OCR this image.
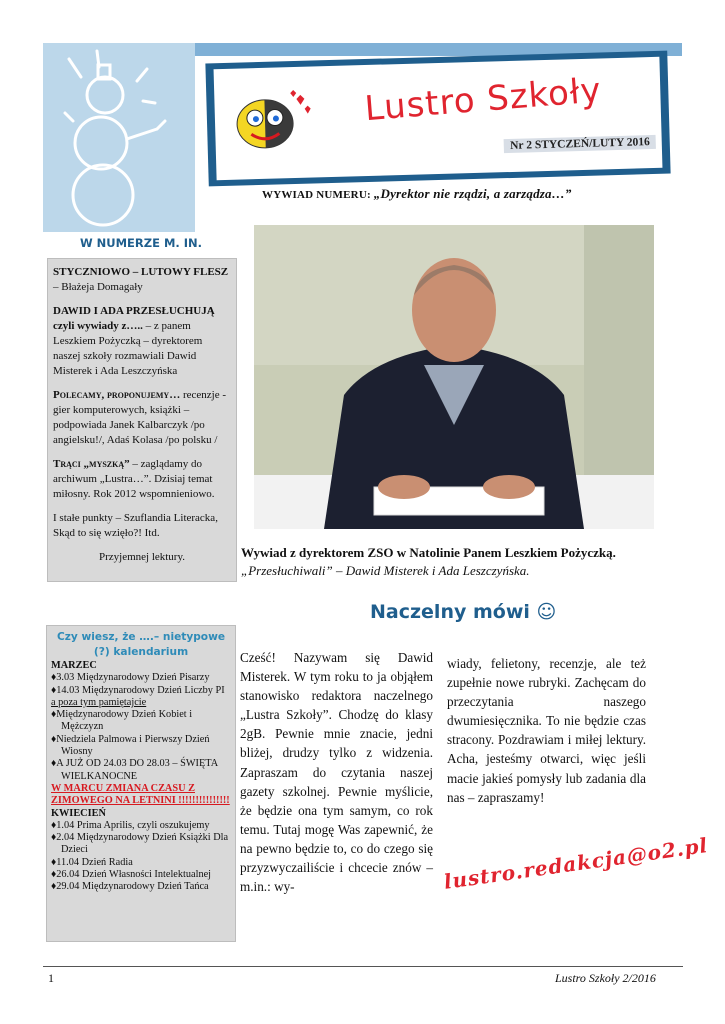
Lustro Szkoły
Nr 2 STYCZEŃ/LUTY 2016
WYWIAD NUMERU: „Dyrektor nie rządzi, a zarządza…”
W NUMERZE M. IN.

STYCZNIOWO – LUTOWY FLESZ – Błażeja Domagały

DAWID I ADA PRZESŁUCHUJĄ czyli wywiady z….. – z panem Leszkiem Pożyczką – dyrektorem naszej szkoły rozmawiali Dawid Misterek i Ada Leszczyńska

Polecamy, proponujemy… recenzje - gier komputerowych, książki – podpowiada Janek Kalbarczyk /po angielsku!/, Adaś Kolasa /po polsku /

Trąci „myszką” – zaglądamy do archiwum „Lustra…”. Dzisiaj temat miłosny. Rok 2012 wspomnieniowo.

I stałe punkty – Szuflandia Literacka, Skąd to się wzięło?! Itd.

Przyjemnej lektury.	Wywiad z dyrektorem ZSO w Natolinie Panem Leszkiem Pożyczką.
„Przesłuchiwali” – Dawid Misterek i Ada Leszczyńska.
Naczelny mówi ☺
Cześć! Nazywam się Dawid Misterek. W tym roku to ja objąłem stanowisko redaktora naczelnego „Lustra Szkoły”. Chodzę do klasy 2gB. Pewnie mnie znacie, jedni bliżej, drudzy tylko z widzenia. Zapraszam do czytania naszej gazety szkolnej. Pewnie myślicie, że będzie ona tym samym, co rok temu. Tutaj mogę Was zapewnić, że na pewno będzie to, co do czego się przyzwyczailiście i chcecie znów – m.in.: wy-
wiady, felietony, recenzje, ale też zupełnie nowe rubryki. Zachęcam do przeczytania naszego dwumiesięcznika. To nie będzie czas stracony. Pozdrawiam i miłej lektury. Acha, jesteśmy otwarci, więc jeśli macie jakieś pomysły lub zadania dla nas – zapraszamy!
lustro.redakcja@o2.pl
Czy wiesz, że ….– nietypowe (?) kalendarium
MARZEC
♦3.03 Międzynarodowy Dzień Pisarzy
♦14.03 Międzynarodowy Dzień Liczby PI
a poza tym pamiętajcie
♦Międzynarodowy Dzień Kobiet i Mężczyzn
♦Niedziela Palmowa i Pierwszy Dzień Wiosny
♦A JUŻ OD 24.03 DO 28.03 – ŚWIĘTA WIELKANOCNE
W MARCU ZMIANA CZASU Z ZIMOWEGO NA LETNINI !!!!!!!!!!!!!!!
KWIECIEŃ
♦1.04 Prima Aprilis, czyli oszukujemy
♦2.04 Międzynarodowy Dzień Książki Dla Dzieci
♦11.04 Dzień Radia
♦26.04 Dzień Własności Intelektualnej
♦29.04 Międzynarodowy Dzień Tańca
1	Lustro Szkoły 2/2016
